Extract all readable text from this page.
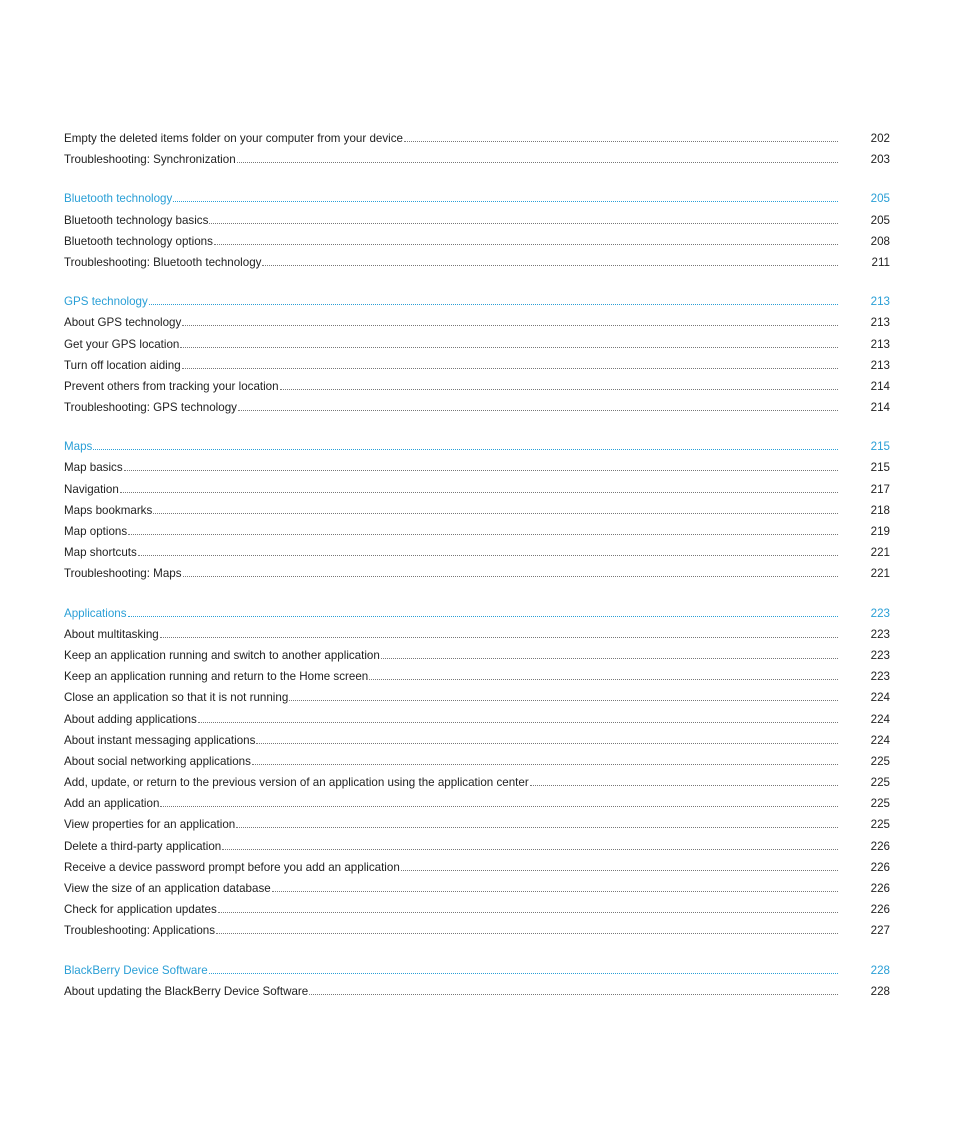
Empty the deleted items folder on your computer from your device	202
Troubleshooting: Synchronization	203
Bluetooth technology	205
Bluetooth technology basics	205
Bluetooth technology options	208
Troubleshooting: Bluetooth technology	211
GPS technology	213
About GPS technology	213
Get your GPS location	213
Turn off location aiding	213
Prevent others from tracking your location	214
Troubleshooting: GPS technology	214
Maps	215
Map basics	215
Navigation	217
Maps bookmarks	218
Map options	219
Map shortcuts	221
Troubleshooting: Maps	221
Applications	223
About multitasking	223
Keep an application running and switch to another application	223
Keep an application running and return to the Home screen	223
Close an application so that it is not running	224
About adding applications	224
About instant messaging applications	224
About social networking applications	225
Add, update, or return to the previous version of an application using the application center	225
Add an application	225
View properties for an application	225
Delete a third-party application	226
Receive a device password prompt before you add an application	226
View the size of an application database	226
Check for application updates	226
Troubleshooting: Applications	227
BlackBerry Device Software	228
About updating the BlackBerry Device Software	228
